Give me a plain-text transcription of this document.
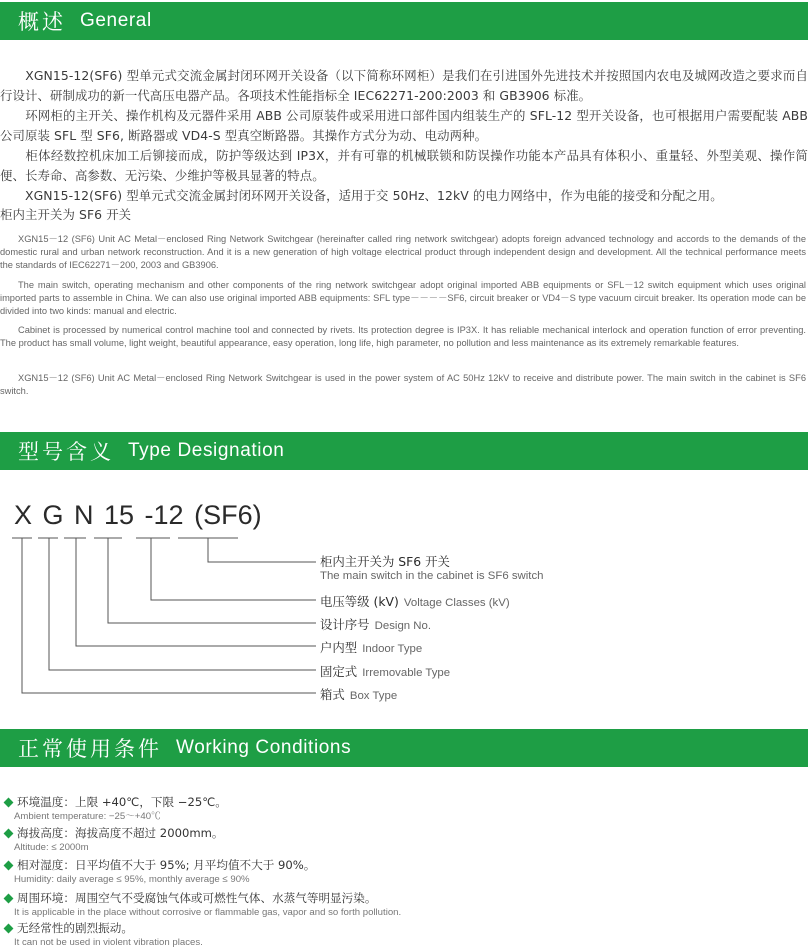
概述 General

　　XGN15-12(SF6) 型单元式交流金属封闭环网开关设备（以下简称环网柜）是我们在引进国外先进技术并按照国内农电及城网改造之要求而自行设计、研制成功的新一代高压电器产品。各项技术性能指标全 IEC62271-200:2003 和 GB3906 标准。

　　环网柜的主开关、操作机构及元器件采用 ABB 公司原装件或采用进口部件国内组装生产的 SFL-12 型开关设备，也可根据用户需要配装 ABB 公司原装 SFL 型 SF6, 断路器或 VD4-S 型真空断路器。其操作方式分为动、电动两种。

　　柜体经数控机床加工后铆接而成，防护等级达到 IP3X，并有可靠的机械联锁和防误操作功能本产品具有体积小、重量轻、外型美观、操作简便、长寿命、高参数、无污染、少维护等极具显著的特点。

　　XGN15-12(SF6) 型单元式交流金属封闭环网开关设备，适用于交 50Hz、12kV 的电力网络中，作为电能的接受和分配之用。

柜内主开关为 SF6 开关

XGN15－12 (SF6) Unit AC Metal－enclosed Ring Network Switchgear (hereinafter called ring network switchgear) adopts foreign advanced technology and accords to the demands of the domestic rural and urban network reconstruction. And it is a new generation of high voltage electrical product through independent design and development. All the technical performance meets the standards of IEC62271－200, 2003 and GB3906.

The main switch, operating mechanism and other components of the ring network switchgear adopt original imported ABB equipments or SFL－12 switch equipment which uses original imported parts to assemble in China. We can also use original imported ABB equipments: SFL type－－－－SF6, circuit breaker or VD4－S type vacuum circuit breaker. Its operation mode can be divided into two kinds: manual and electric.

Cabinet is processed by numerical control machine tool and connected by rivets. Its protection degree is IP3X. It has reliable mechanical interlock and operation function of error preventing. The product has small volume, light weight, beautiful appearance, easy operation, long life, high parameter, no pollution and less maintenance as its extremely remarkable features.

XGN15－12 (SF6) Unit AC Metal－enclosed Ring Network Switchgear is used in the power system of AC 50Hz 12kV to receive and distribute power. The main switch in the cabinet is SF6 switch.

型号含义 Type Designation
X G N 15 -12 (SF6)
柜内主开关为 SF6 开关
The main switch in the cabinet is SF6 switch
电压等级 (kV) Voltage Classes (kV)
设计序号 Design No.
户内型 Indoor Type
固定式 Irremovable Type
箱式 Box Type
正常使用条件 Working Conditions
环境温度：上限 +40℃，下限 −25℃。
Ambient temperature: −25～+40℃
海拔高度：海拔高度不超过 2000mm。
Altitude: ≤ 2000m
相对湿度：日平均值不大于 95%; 月平均值不大于 90%。
Humidity: daily average ≤ 95%, monthly average ≤ 90%
周围环境：周围空气不受腐蚀气体或可燃性气体、水蒸气等明显污染。
It is applicable in the place without corrosive or flammable gas, vapor and so forth pollution.
无经常性的剧烈振动。
It can not be used in violent vibration places.
